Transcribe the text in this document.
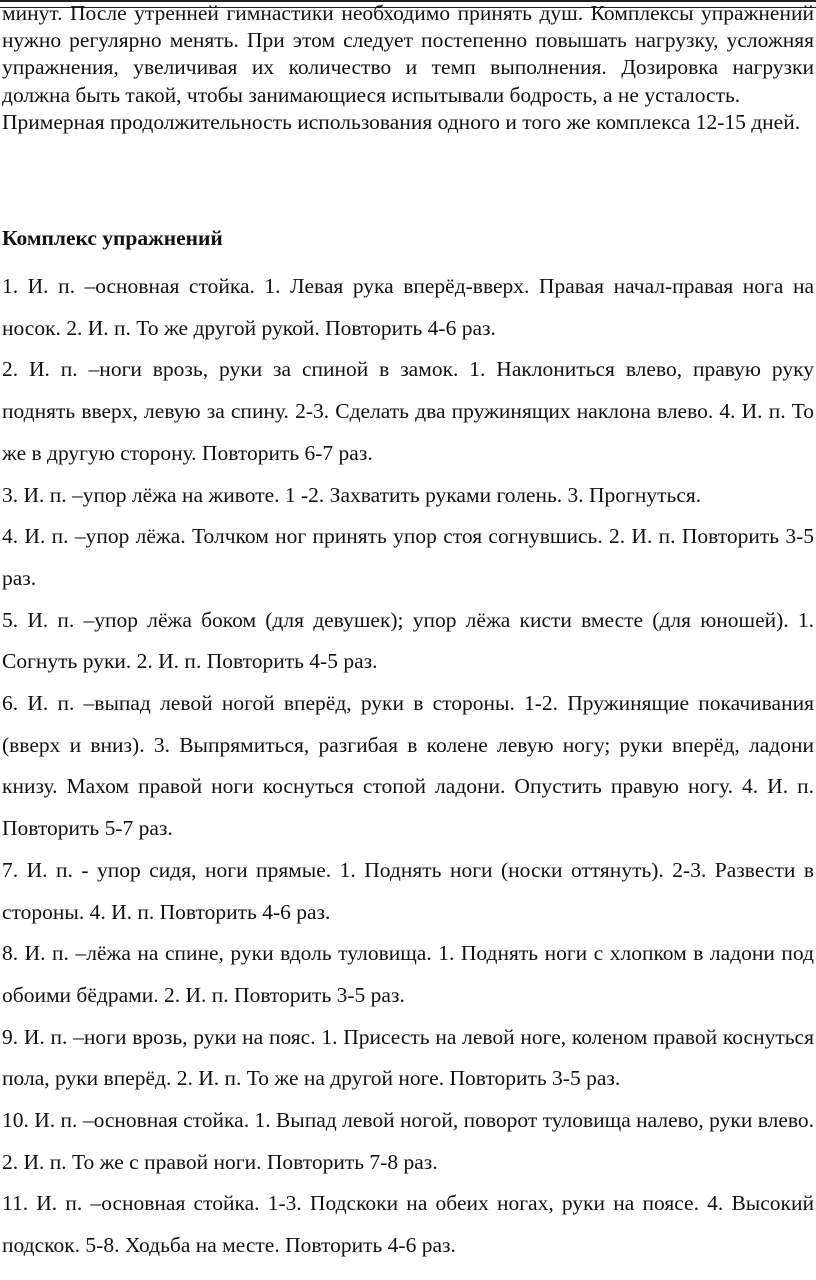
минут. После утренней гимнастики необходимо принять душ. Комплексы упражнений нужно регулярно менять. При этом следует постепенно повышать нагрузку, усложняя упражнения, увеличивая их количество и темп выполнения. Дозировка нагрузки должна быть такой, чтобы занимающиеся испытывали бодрость, а не усталость.

Примерная продолжительность использования одного и того же комплекса 12-15 дней.

Комплекс упражнений

1. И. п. –основная стойка. 1. Левая рука вперёд-вверх. Правая начал-правая нога на носок. 2. И. п. То же другой рукой. Повторить 4-6 раз.

2. И. п. –ноги врозь, руки за спиной в замок. 1. Наклониться влево, правую руку поднять вверх, левую за спину. 2-3. Сделать два пружинящих наклона влево. 4. И. п. То же в другую сторону. Повторить 6-7 раз.

3. И. п. –упор лёжа на животе. 1 -2. Захватить руками голень. 3. Прогнуться.

4. И. п. –упор лёжа. Толчком ног принять упор стоя согнувшись. 2. И. п. Повторить 3-5 раз.

5. И. п. –упор лёжа боком (для девушек); упор лёжа кисти вместе (для юношей). 1. Согнуть руки. 2. И. п. Повторить 4-5 раз.

6. И. п. –выпад левой ногой вперёд, руки в стороны. 1-2. Пружинящие покачивания (вверх и вниз). 3. Выпрямиться, разгибая в колене левую ногу; руки вперёд, ладони книзу. Махом правой ноги коснуться стопой ладони. Опустить правую ногу. 4. И. п. Повторить 5-7 раз.

7. И. п. - упор сидя, ноги прямые. 1. Поднять ноги (носки оттянуть). 2-3. Развести в стороны. 4. И. п. Повторить 4-6 раз.

8. И. п. –лёжа на спине, руки вдоль туловища. 1. Поднять ноги с хлопком в ладони под обоими бёдрами. 2. И. п. Повторить 3-5 раз.

9. И. п. –ноги врозь, руки на пояс. 1. Присесть на левой ноге, коленом правой коснуться пола, руки вперёд. 2. И. п. То же на другой ноге. Повторить 3-5 раз.

10. И. п. –основная стойка. 1. Выпад левой ногой, поворот туловища налево, руки влево. 2. И. п. То же с правой ноги. Повторить 7-8 раз.

11. И. п. –основная стойка. 1-3. Подскоки на обеих ногах, руки на поясе. 4. Высокий подскок. 5-8. Ходьба на месте. Повторить 4-6 раз.
